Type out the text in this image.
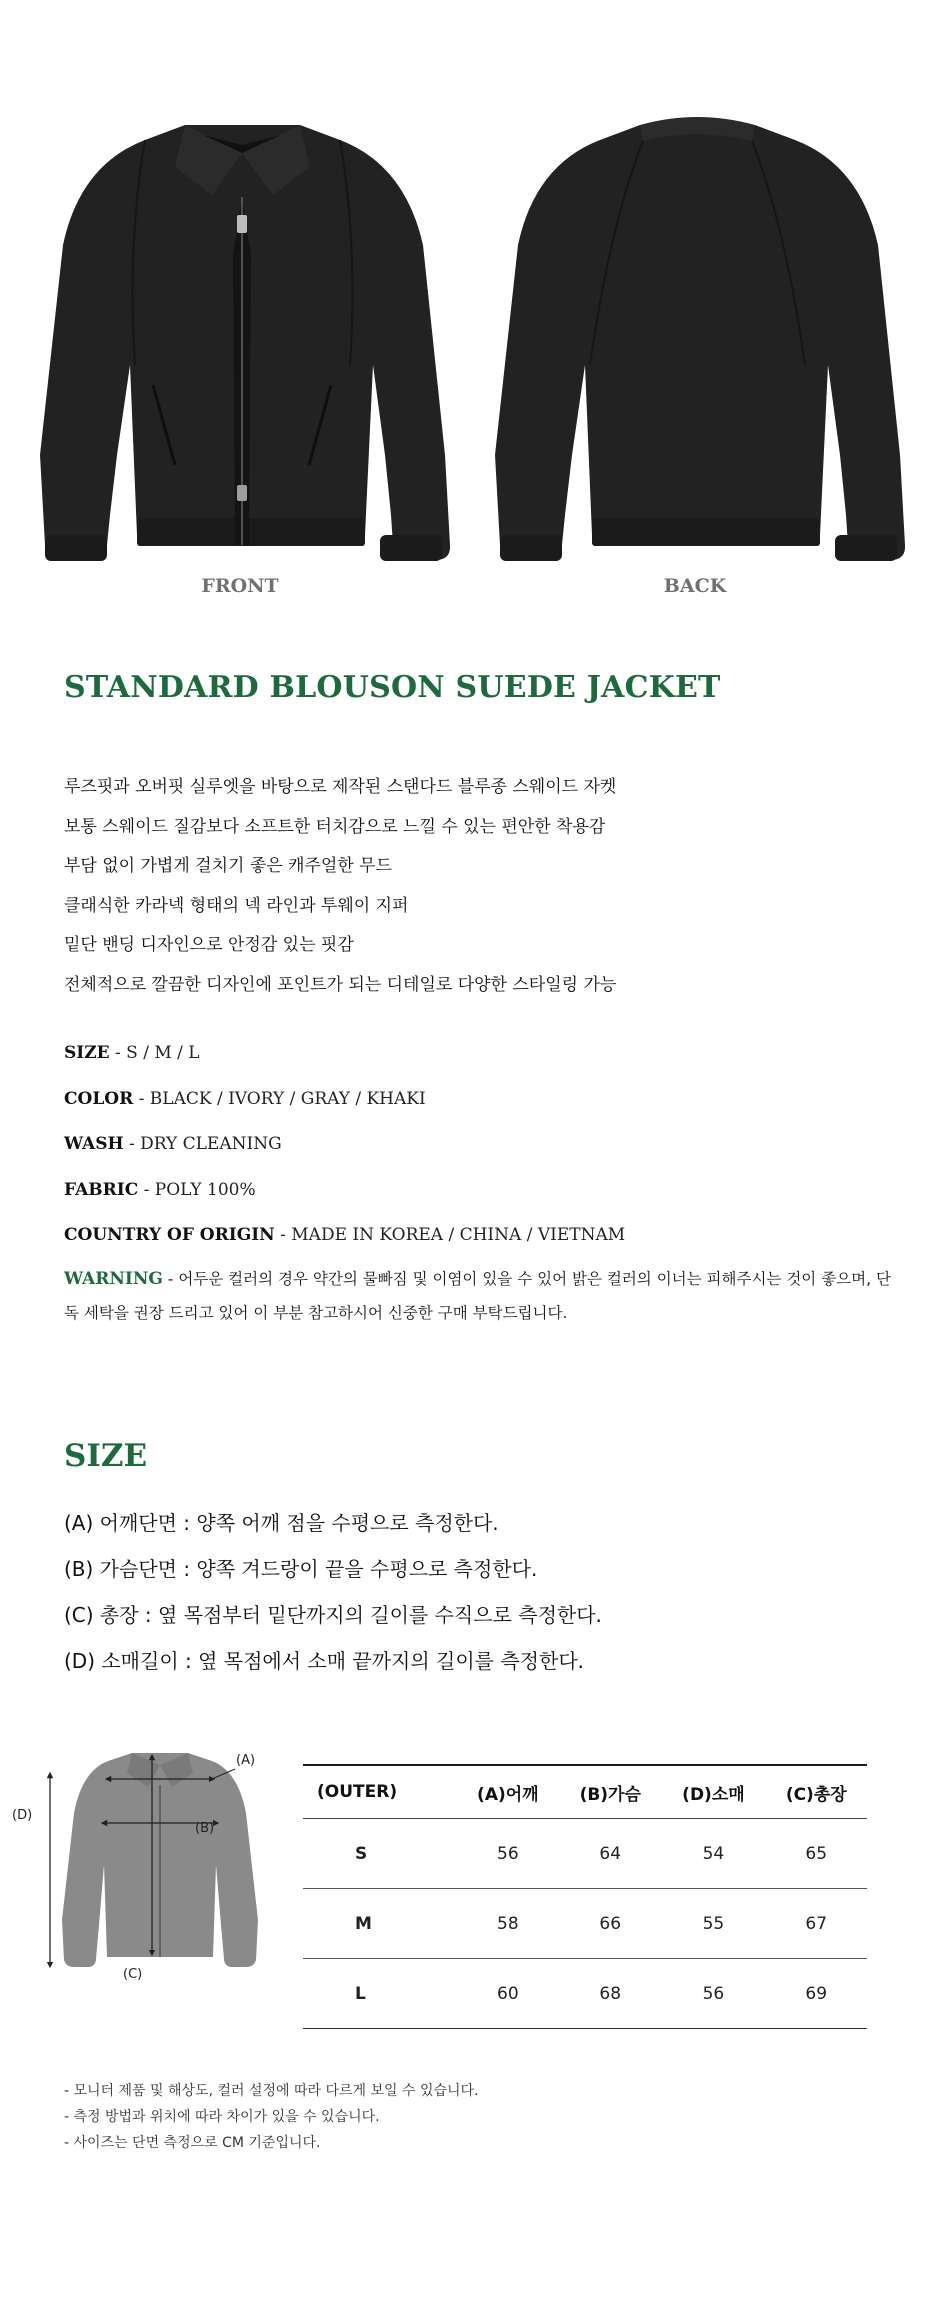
FRONT	BACK
STANDARD BLOUSON SUEDE JACKET
루즈핏과 오버핏 실루엣을 바탕으로 제작된 스탠다드 블루종 스웨이드 자켓
보통 스웨이드 질감보다 소프트한 터치감으로 느낄 수 있는 편안한 착용감
부담 없이 가볍게 걸치기 좋은 캐주얼한 무드
클래식한 카라넥 형태의 넥 라인과 투웨이 지퍼
밑단 밴딩 디자인으로 안정감 있는 핏감
전체적으로 깔끔한 디자인에 포인트가 되는 디테일로 다양한 스타일링 가능
SIZE - S / M / L
COLOR - BLACK / IVORY / GRAY / KHAKI
WASH - DRY CLEANING
FABRIC - POLY 100%
COUNTRY OF ORIGIN - MADE IN KOREA / CHINA / VIETNAM
WARNING - 어두운 컬러의 경우 약간의 물빠짐 및 이염이 있을 수 있어 밝은 컬러의 이너는 피해주시는 것이 좋으며, 단독 세탁을 권장 드리고 있어 이 부분 참고하시어 신중한 구매 부탁드립니다.
SIZE
(A) 어깨단면 : 양쪽 어깨 점을 수평으로 측정한다.
(B) 가슴단면 : 양쪽 겨드랑이 끝을 수평으로 측정한다.
(C) 총장 : 옆 목점부터 밑단까지의 길이를 수직으로 측정한다.
(D) 소매길이 : 옆 목점에서 소매 끝까지의 길이를 측정한다.
(A)
(B)
(C)
(D)
(OUTER)	(A)어깨	(B)가슴	(D)소매	(C)총장
S	56	64	54	65
M	58	66	55	67
L	60	68	56	69
- 모니터 제품 및 해상도, 컬러 설정에 따라 다르게 보일 수 있습니다.
- 측정 방법과 위치에 따라 차이가 있을 수 있습니다.
- 사이즈는 단면 측정으로 CM 기준입니다.
